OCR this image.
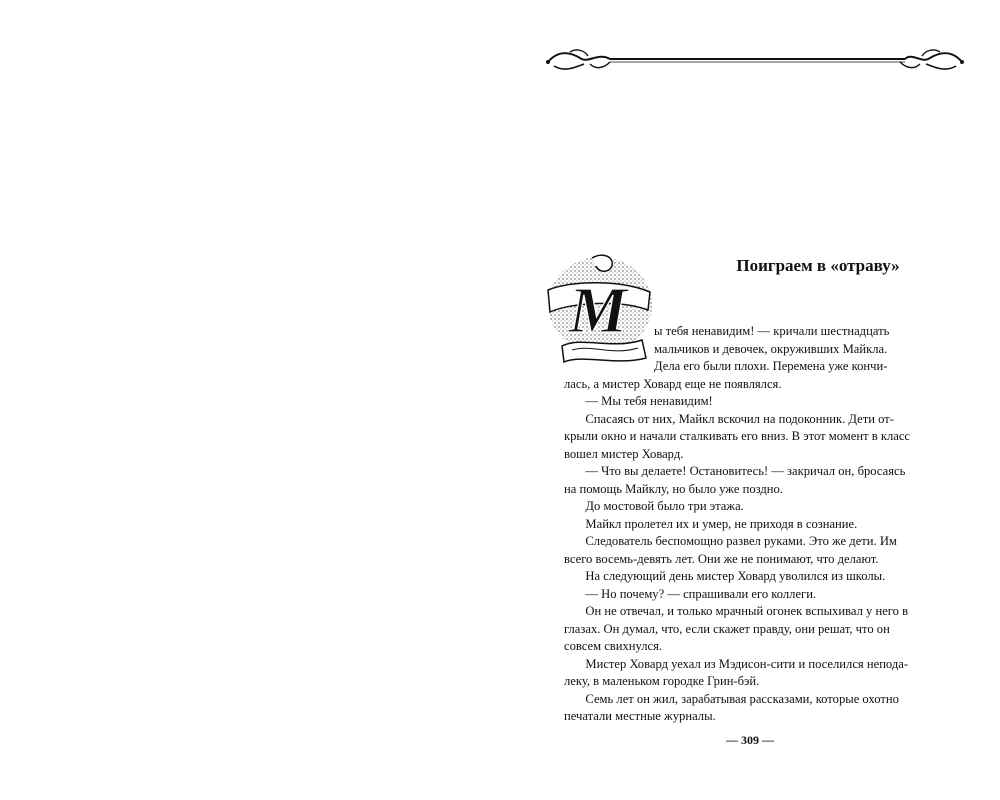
Поиграем в «отраву»
М	ы тебя ненавидим! — кричали шестнадцать

мальчиков и девочек, окруживших Майкла.

Дела его были плохи. Перемена уже кончи-

лась, а мистер Ховард еще не появлялся.

— Мы тебя ненавидим!

Спасаясь от них, Майкл вскочил на подоконник. Дети от-

крыли окно и начали сталкивать его вниз. В этот момент в класс

вошел мистер Ховард.

— Что вы делаете! Остановитесь! — закричал он, бросаясь

на помощь Майклу, но было уже поздно.

До мостовой было три этажа.

Майкл пролетел их и умер, не приходя в сознание.

Следователь беспомощно развел руками. Это же дети. Им

всего восемь-девять лет. Они же не понимают, что делают.

На следующий день мистер Ховард уволился из школы.

— Но почему? — спрашивали его коллеги.

Он не отвечал, и только мрачный огонек вспыхивал у него в

глазах. Он думал, что, если скажет правду, они решат, что он

совсем свихнулся.

Мистер Ховард уехал из Мэдисон-сити и поселился непода-

леку, в маленьком городке Грин-бэй.

Семь лет он жил, зарабатывая рассказами, которые охотно

печатали местные журналы.

— 309 —
